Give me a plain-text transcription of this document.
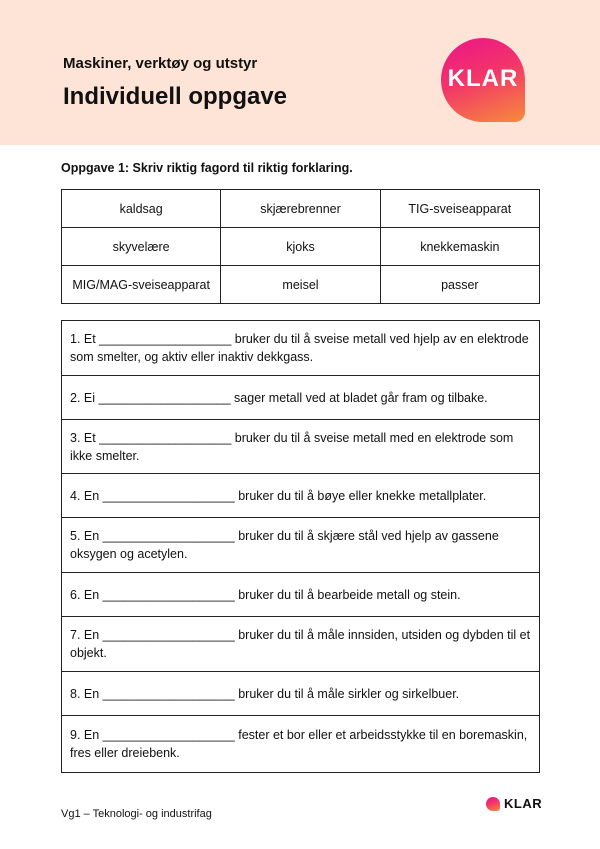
Maskiner, verktøy og utstyr
Individuell oppgave
KLAR
Oppgave 1: Skriv riktig fagord til riktig forklaring.
kaldsag	skjærebrenner	TIG-sveiseapparat
skyvelære	kjoks	knekkemaskin
MIG/MAG-sveiseapparat	meisel	passer
1. Et ___________________ bruker du til å sveise metall ved hjelp av en elektrode som smelter, og aktiv eller inaktiv dekkgass.
2. Ei ___________________ sager metall ved at bladet går fram og tilbake.
3. Et ___________________ bruker du til å sveise metall med en elektrode som ikke smelter.
4. En ___________________ bruker du til å bøye eller knekke metallplater.
5. En ___________________ bruker du til å skjære stål ved hjelp av gassene oksygen og acetylen.
6. En ___________________ bruker du til å bearbeide metall og stein.
7. En ___________________ bruker du til å måle innsiden, utsiden og dybden til et objekt.
8. En ___________________ bruker du til å måle sirkler og sirkelbuer.
9. En ___________________ fester et bor eller et arbeidsstykke til en boremaskin, fres eller dreiebenk.
Vg1 – Teknologi- og industrifag
KLAR
